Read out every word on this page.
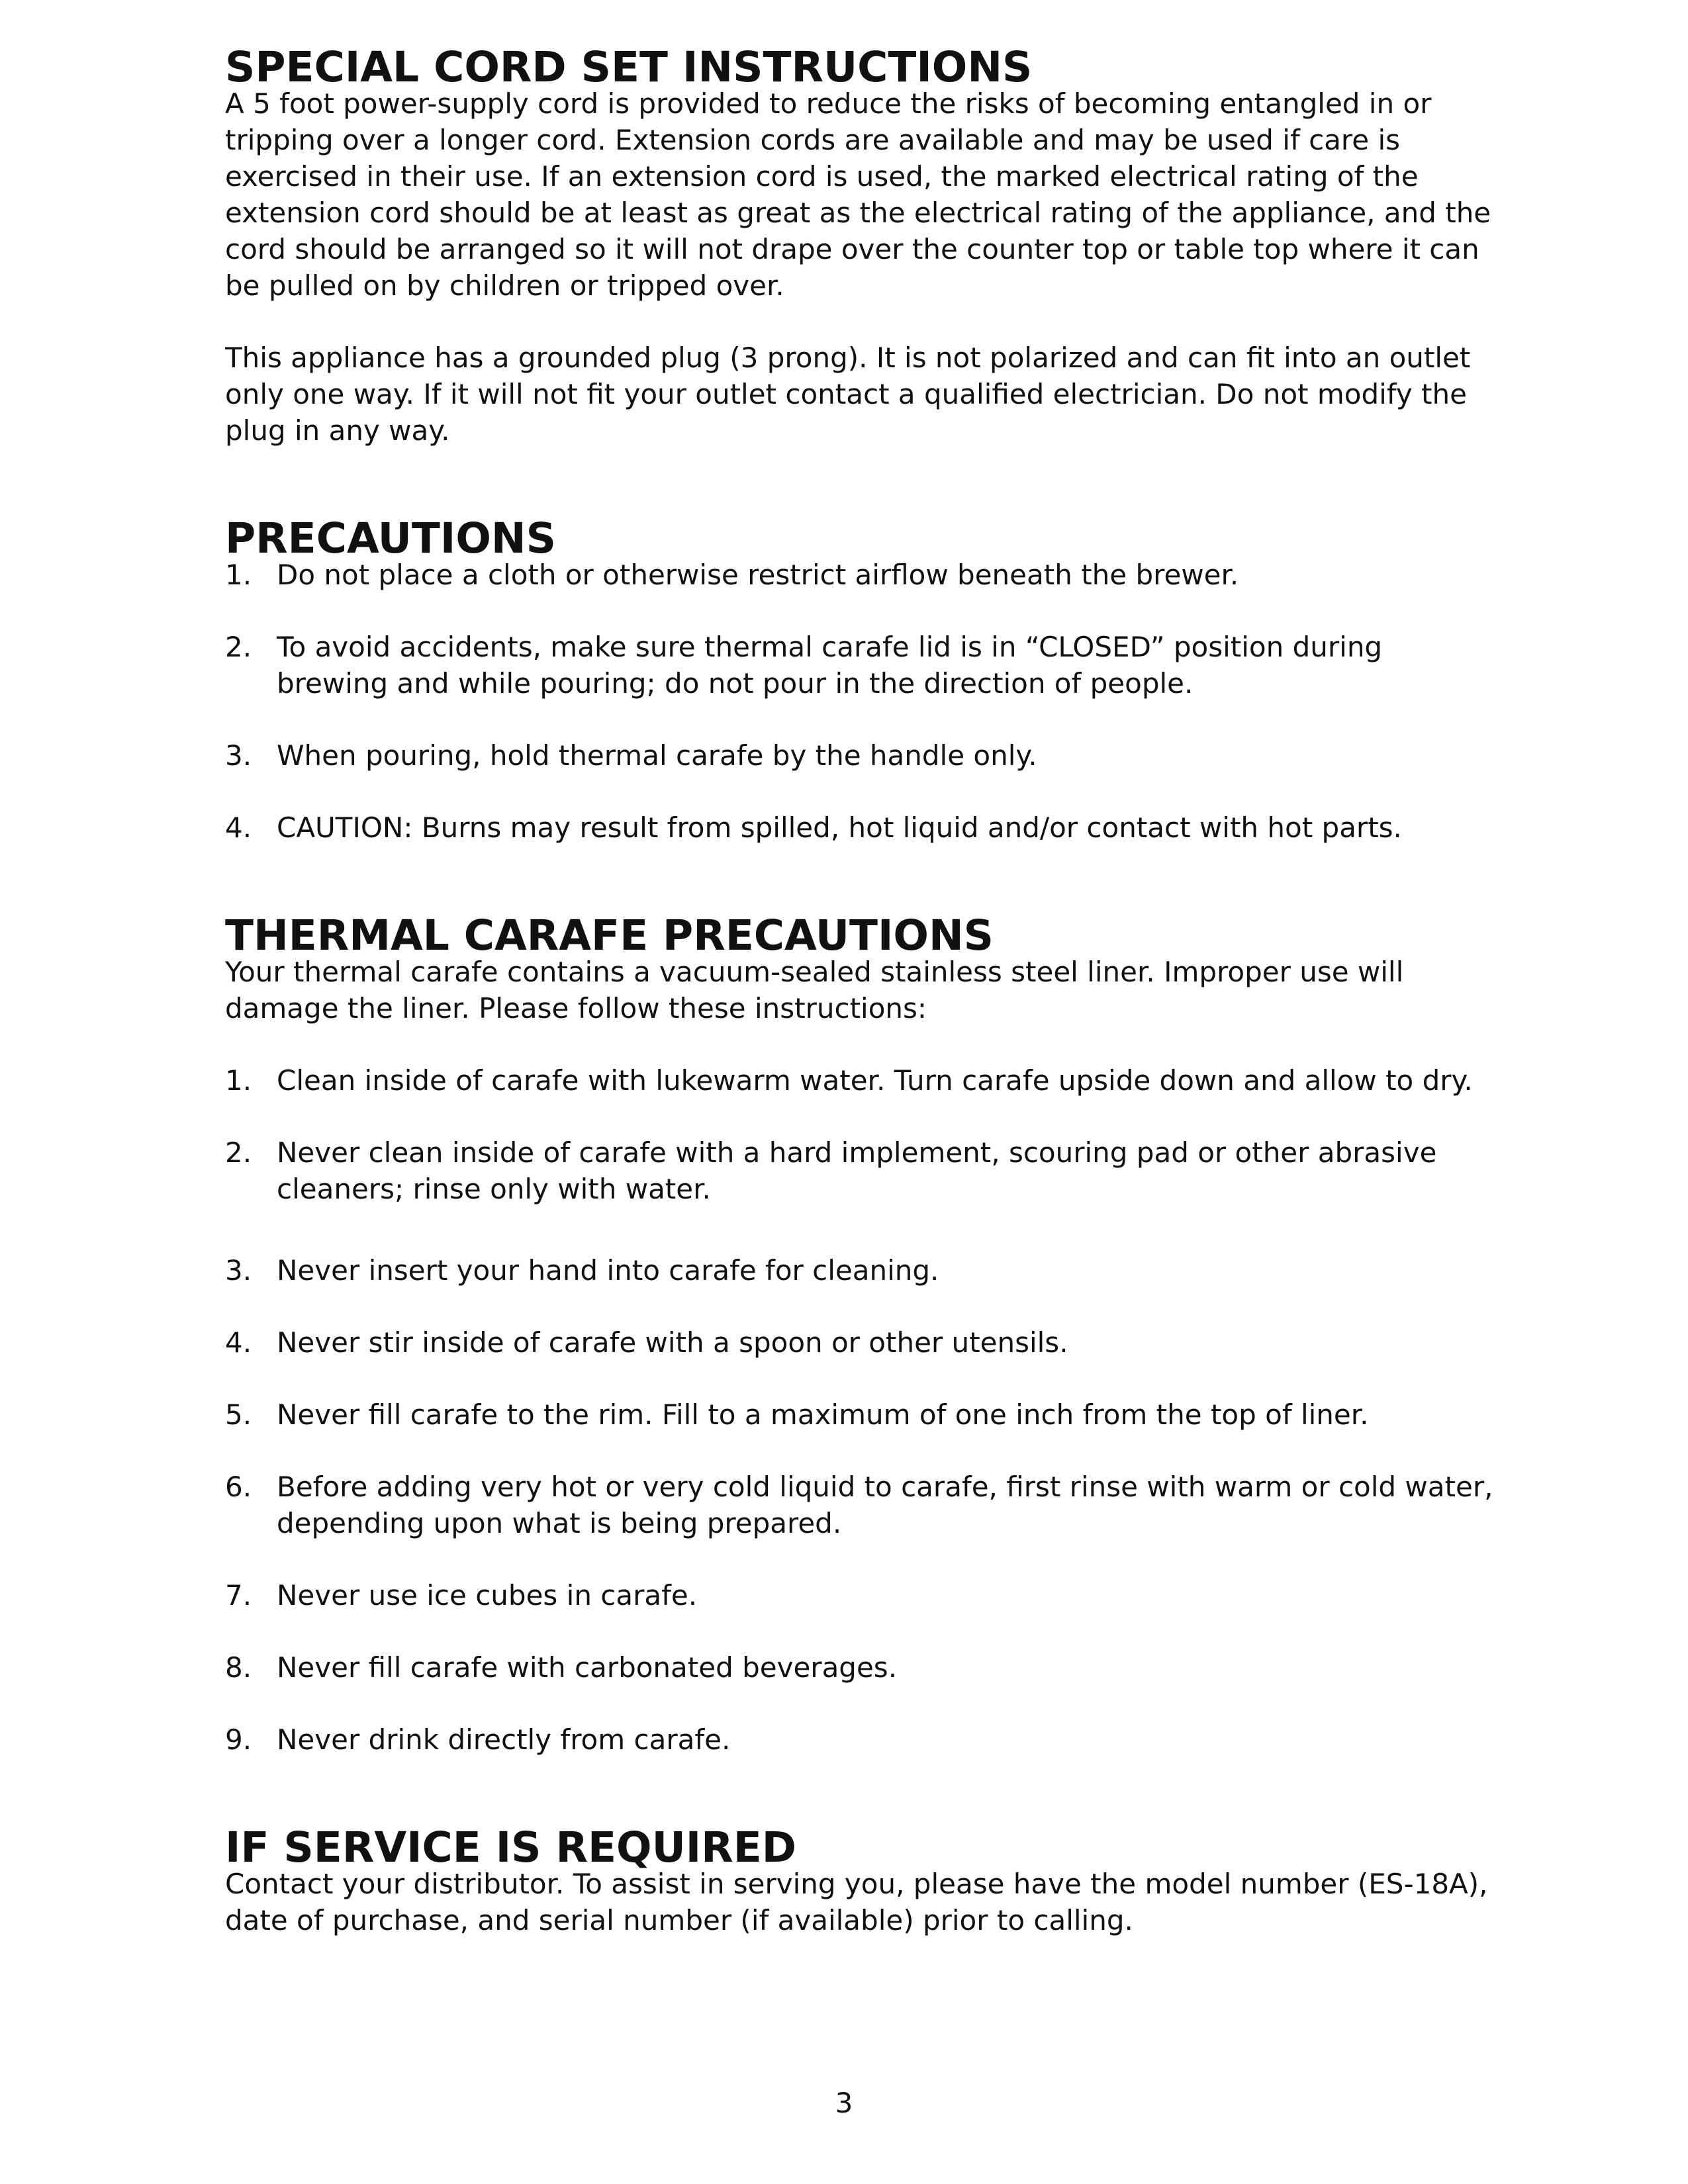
SPECIAL CORD SET INSTRUCTIONS

A 5 foot power-supply cord is provided to reduce the risks of becoming entangled in or tripping over a longer cord. Extension cords are available and may be used if care is exercised in their use. If an extension cord is used, the marked electrical rating of the extension cord should be at least as great as the electrical rating of the appliance, and the cord should be arranged so it will not drape over the counter top or table top where it can be pulled on by children or tripped over.

This appliance has a grounded plug (3 prong). It is not polarized and can fit into an outlet only one way. If it will not fit your outlet contact a qualified electrician. Do not modify the plug in any way.

PRECAUTIONS
1. Do not place a cloth or otherwise restrict airflow beneath the brewer.
2. To avoid accidents, make sure thermal carafe lid is in “CLOSED” position during brewing and while pouring; do not pour in the direction of people.
3. When pouring, hold thermal carafe by the handle only.
4. CAUTION: Burns may result from spilled, hot liquid and/or contact with hot parts.
THERMAL CARAFE PRECAUTIONS

Your thermal carafe contains a vacuum-sealed stainless steel liner. Improper use will damage the liner. Please follow these instructions:

1. Clean inside of carafe with lukewarm water. Turn carafe upside down and allow to dry.
2. Never clean inside of carafe with a hard implement, scouring pad or other abrasive cleaners; rinse only with water.
3. Never insert your hand into carafe for cleaning.
4. Never stir inside of carafe with a spoon or other utensils.
5. Never fill carafe to the rim. Fill to a maximum of one inch from the top of liner.
6. Before adding very hot or very cold liquid to carafe, first rinse with warm or cold water, depending upon what is being prepared.
7. Never use ice cubes in carafe.
8. Never fill carafe with carbonated beverages.
9. Never drink directly from carafe.
IF SERVICE IS REQUIRED

Contact your distributor. To assist in serving you, please have the model number (ES-18A), date of purchase, and serial number (if available) prior to calling.

3
